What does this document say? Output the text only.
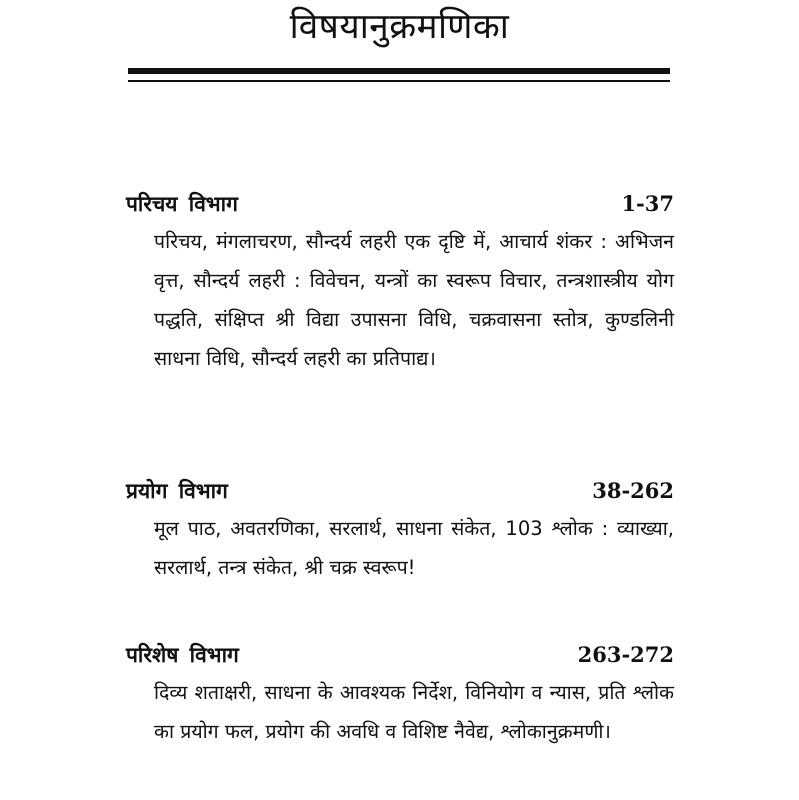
विषयानुक्रमणिका
परिचय विभाग	1-37

परिचय, मंगलाचरण, सौन्दर्य लहरी एक दृष्टि में, आचार्य शंकर : अभिजन वृत्त, सौन्दर्य लहरी : विवेचन, यन्त्रों का स्वरूप विचार, तन्त्रशास्त्रीय योग पद्धति, संक्षिप्त श्री विद्या उपासना विधि, चक्रवासना स्तोत्र, कुण्डलिनी साधना विधि, सौन्दर्य लहरी का प्रतिपाद्य।

प्रयोग विभाग	38-262

मूल पाठ, अवतरणिका, सरलार्थ, साधना संकेत, 103 श्लोक : व्याख्या, सरलार्थ, तन्त्र संकेत, श्री चक्र स्वरूप!

परिशेष विभाग	263-272

दिव्य शताक्षरी, साधना के आवश्यक निर्देश, विनियोग व न्यास, प्रति श्लोक का प्रयोग फल, प्रयोग की अवधि व विशिष्ट नैवेद्य, श्लोकानुक्रमणी।
